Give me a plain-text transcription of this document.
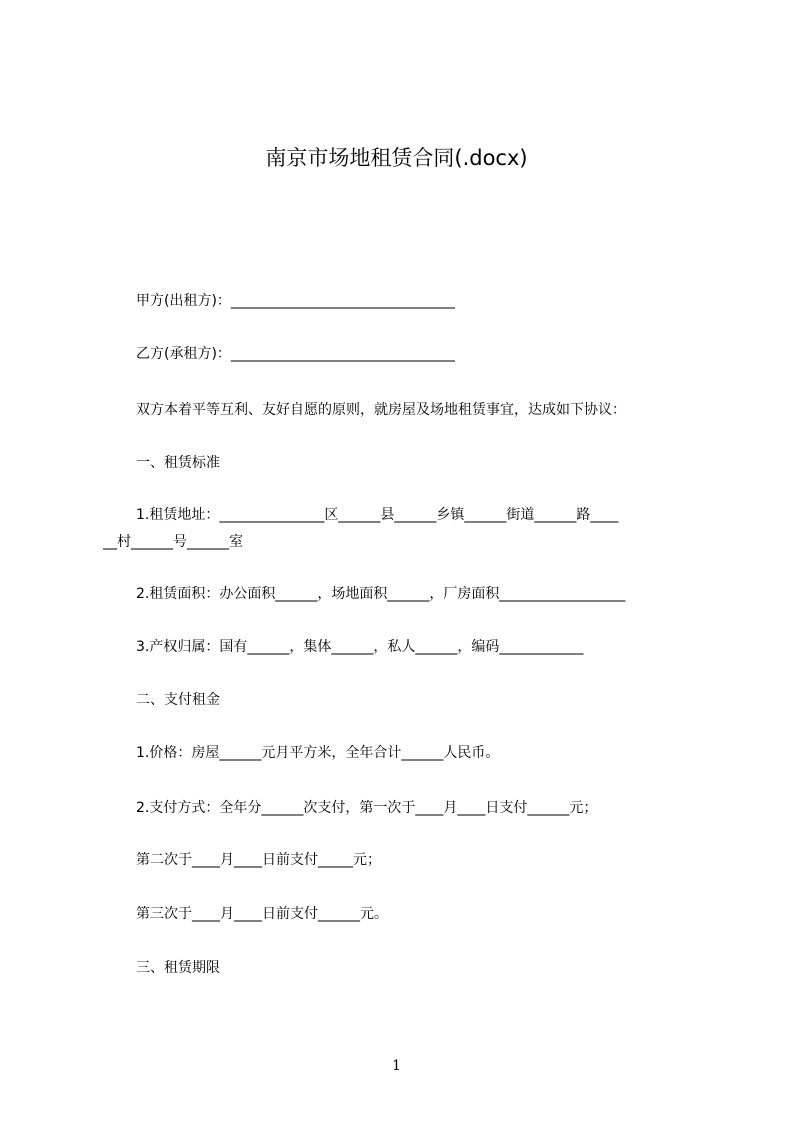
南京市场地租赁合同(.docx)
甲方(出租方)：________________________________
乙方(承租方)：________________________________
双方本着平等互利、友好自愿的原则，就房屋及场地租赁事宜，达成如下协议：
一、租赁标准
1.租赁地址：_______________区______县______乡镇______街道______路____
__村______号______室
2.租赁面积：办公面积______，场地面积______，厂房面积__________________
3.产权归属：国有______，集体______，私人______，编码____________
二、支付租金
1.价格：房屋______元月平方米，全年合计______人民币。
2.支付方式：全年分______次支付，第一次于____月____日支付______元；
第二次于____月____日前支付_____元；
第三次于____月____日前支付______元。
三、租赁期限
1
